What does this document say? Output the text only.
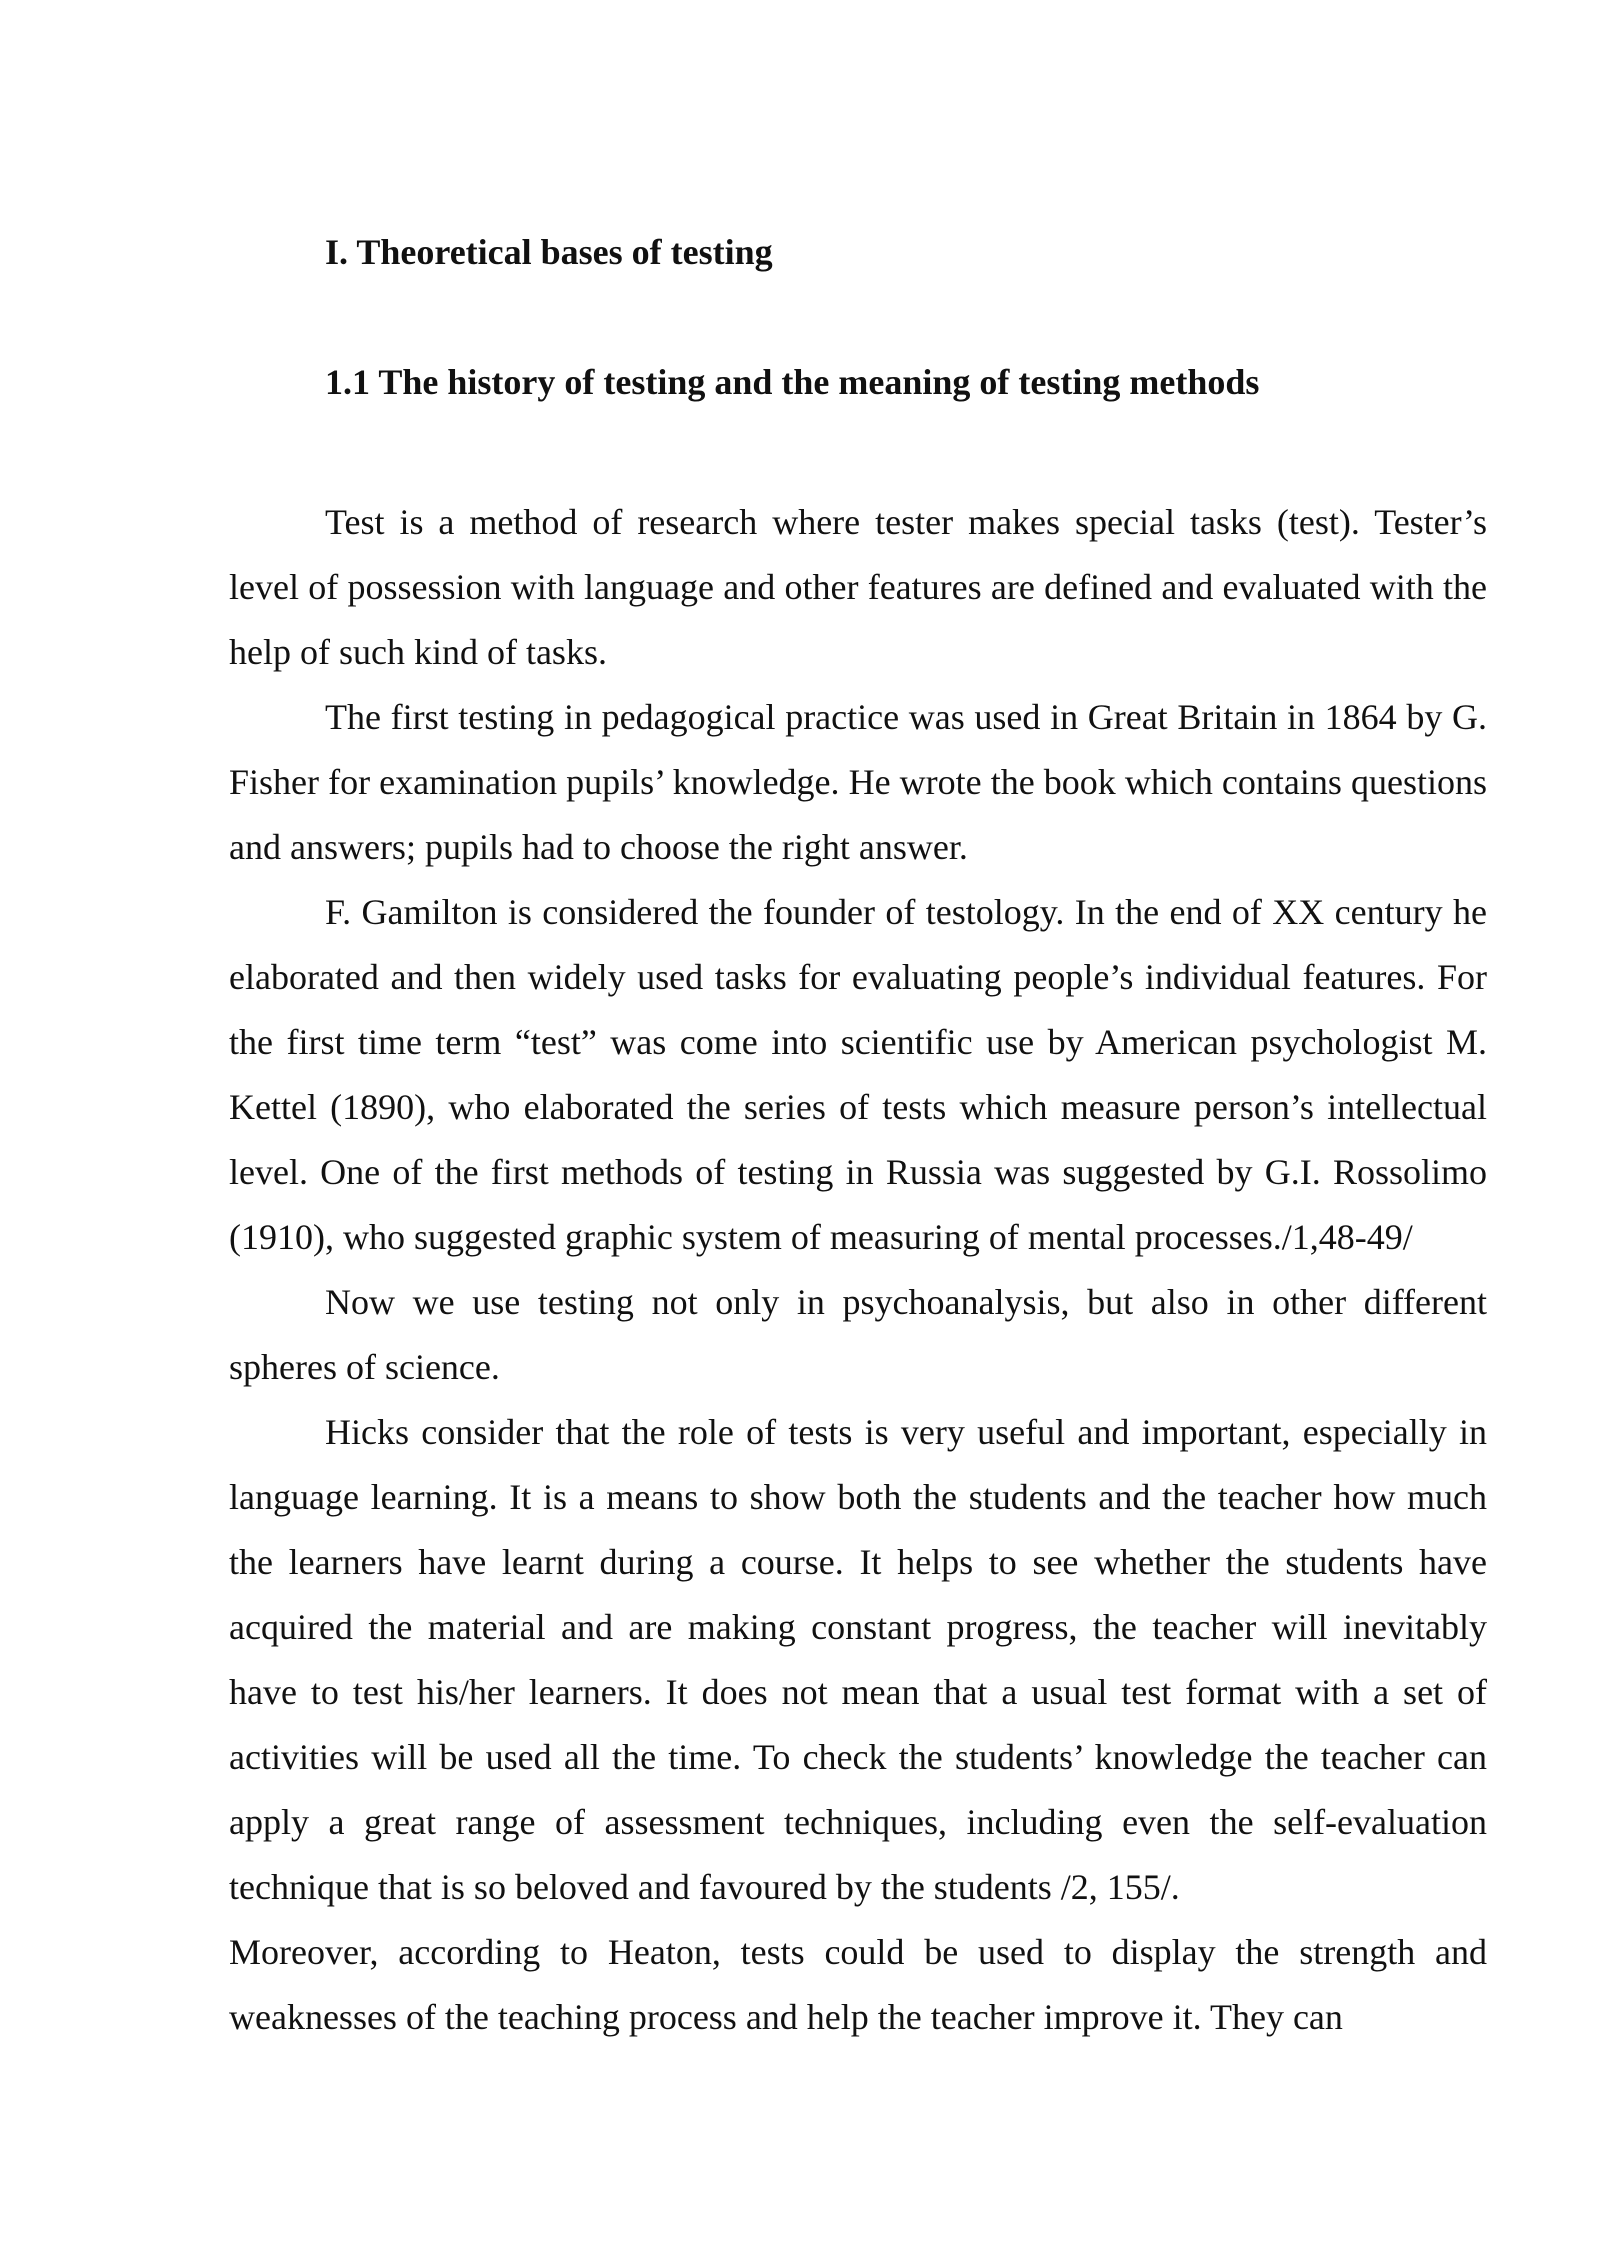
I. Theoretical bases of testing
1.1 The history of testing and the meaning of testing methods

Test is a method of research where tester makes special tasks (test). Tester’s level of possession with language and other features are defined and evaluated with the help of such kind of tasks.

The first testing in pedagogical practice was used in Great Britain in 1864 by G. Fisher for examination pupils’ knowledge. He wrote the book which contains questions and answers; pupils had to choose the right answer.

F. Gamilton is considered the founder of testology. In the end of XX century he elaborated and then widely used tasks for evaluating people’s individual features. For the first time term “test” was come into scientific use by American psychologist M. Kettel (1890), who elaborated the series of tests which measure person’s intellectual level. One of the first methods of testing in Russia was suggested by G.I. Rossolimo (1910), who suggested graphic system of measuring of mental processes./1,48-49/

Now we use testing not only in psychoanalysis, but also in other different spheres of science.

Hicks consider that the role of tests is very useful and important, especially in language learning. It is a means to show both the students and the teacher how much the learners have learnt during a course. It helps to see whether the students have acquired the material and are making constant progress, the teacher will inevitably have to test his/her learners. It does not mean that a usual test format with a set of activities will be used all the time. To check the students’ knowledge the teacher can apply a great range of assessment techniques, including even the self-evaluation technique that is so beloved and favoured by the students /2, 155/.

Moreover, according to Heaton, tests could be used to display the strength and weaknesses of the teaching process and help the teacher improve it. They can
